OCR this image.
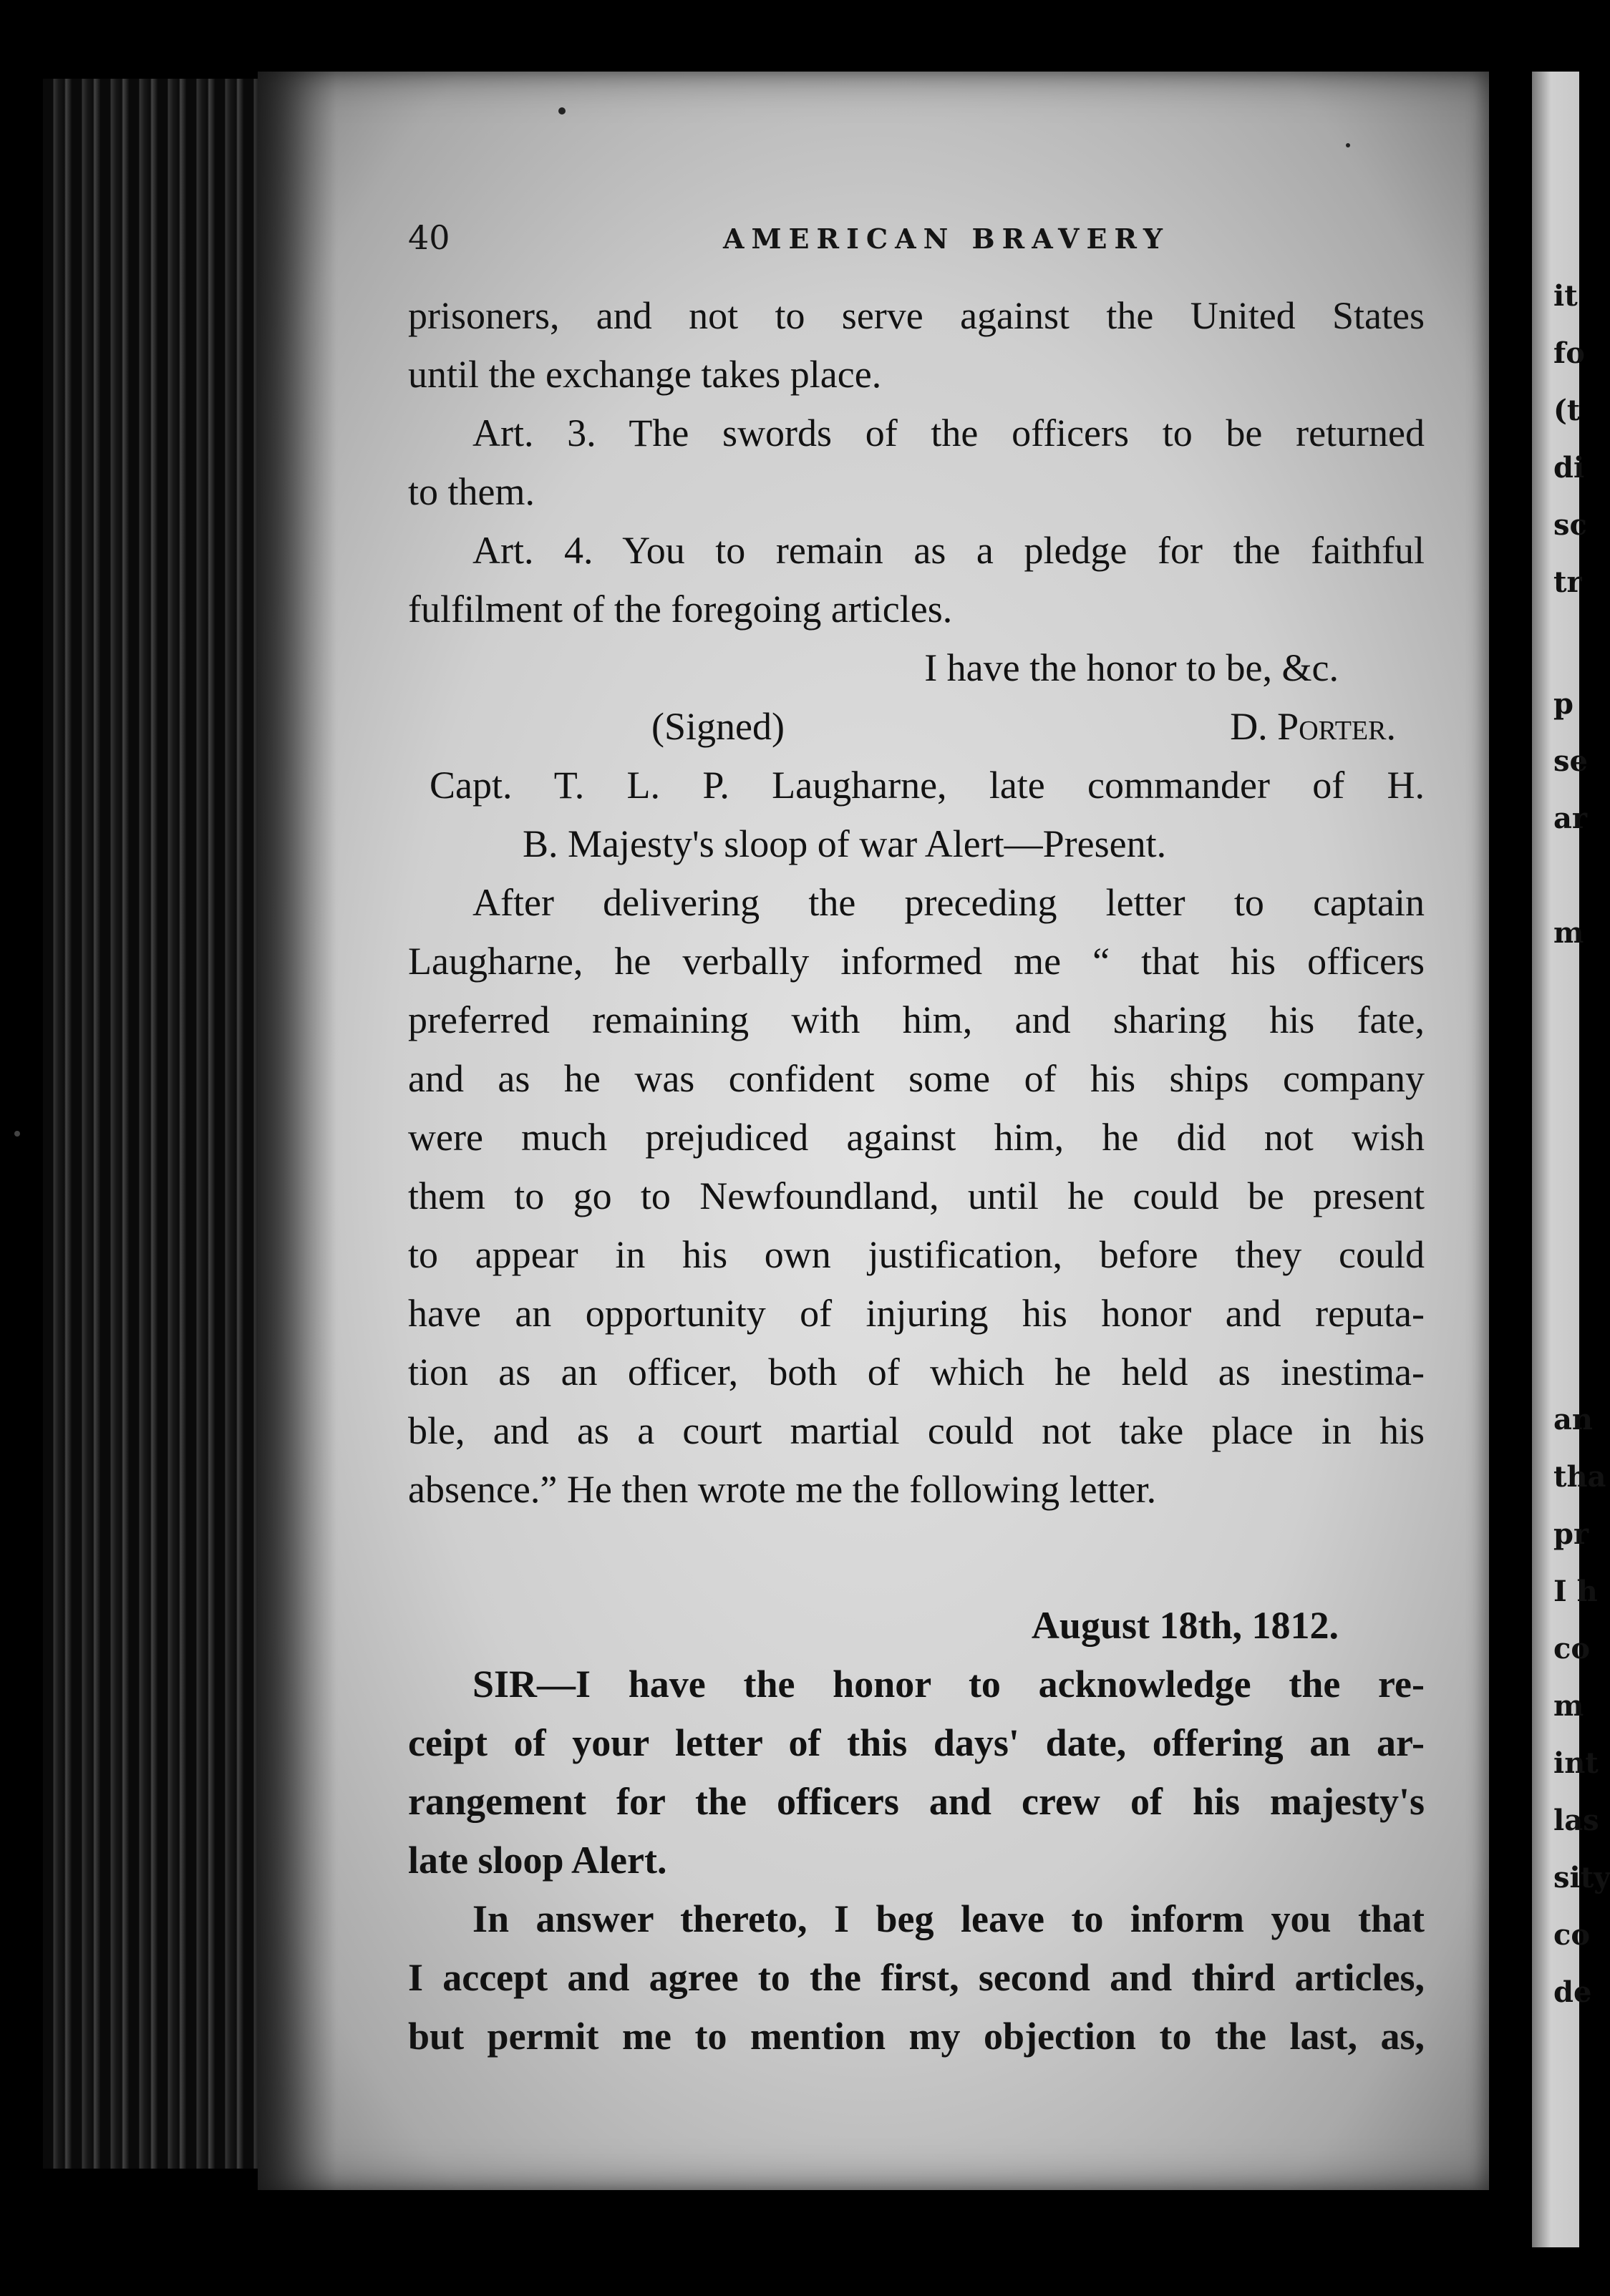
it
fo
(t
di
sc
tr
p
se
ar
m
an
tha
pr
I h
co
m
int
las
sity
co
de
40	AMERICAN BRAVERY
prisoners, and not to serve against the United States
until the exchange takes place.
Art. 3. The swords of the officers to be returned
to them.
Art. 4. You to remain as a pledge for the faithful
fulfilment of the foregoing articles.
I have the honor to be, &c.
(Signed)	D. Porter.
Capt. T. L. P. Laugharne, late commander of H.
B. Majesty's sloop of war Alert—Present.
After delivering the preceding letter to captain
Laugharne, he verbally informed me “ that his officers
preferred remaining with him, and sharing his fate,
and as he was confident some of his ships company
were much prejudiced against him, he did not wish
them to go to Newfoundland, until he could be present
to appear in his own justification, before they could
have an opportunity of injuring his honor and reputa-
tion as an officer, both of which he held as inestima-
ble, and as a court martial could not take place in his
absence.” He then wrote me the following letter.
August 18th, 1812.
SIR—I have the honor to acknowledge the re-
ceipt of your letter of this days' date, offering an ar-
rangement for the officers and crew of his majesty's
late sloop Alert.
In answer thereto, I beg leave to inform you that
I accept and agree to the first, second and third articles,
but permit me to mention my objection to the last, as,
